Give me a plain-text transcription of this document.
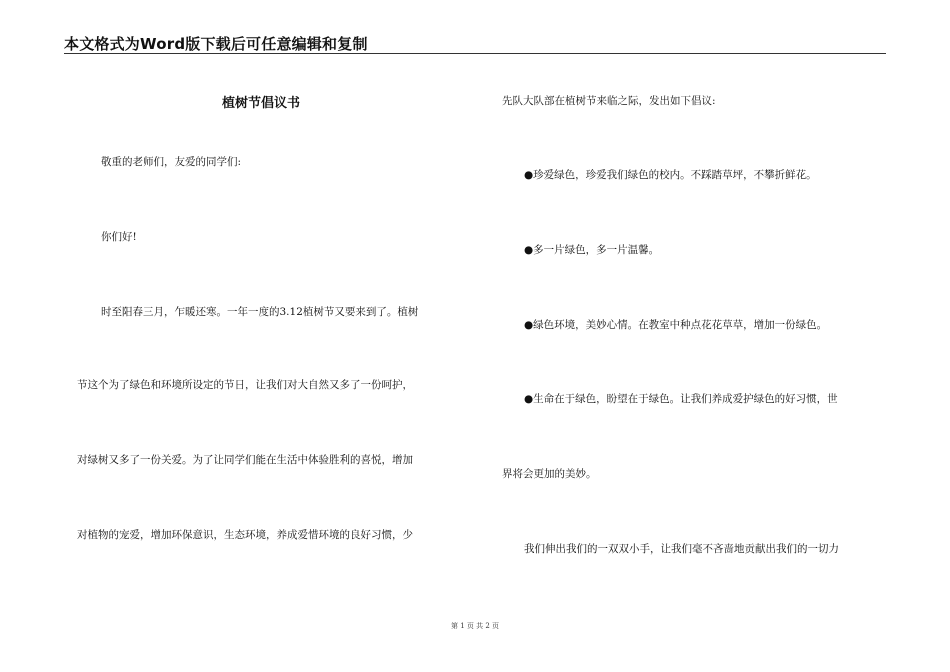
本文格式为Word版下载后可任意编辑和复制
植树节倡议书
敬重的老师们，友爱的同学们:
你们好!
时至阳春三月，乍暖还寒。一年一度的3.12植树节又要来到了。植树
节这个为了绿色和环境所设定的节日，让我们对大自然又多了一份呵护，
对绿树又多了一份关爱。为了让同学们能在生活中体验胜利的喜悦，增加
对植物的宠爱，增加环保意识，生态环境，养成爱惜环境的良好习惯，少
先队大队部在植树节来临之际，发出如下倡议:
●珍爱绿色，珍爱我们绿色的校内。不踩踏草坪，不攀折鲜花。
●多一片绿色，多一片温馨。
●绿色环境，美妙心情。在教室中种点花花草草，增加一份绿色。
●生命在于绿色，盼望在于绿色。让我们养成爱护绿色的好习惯，世
界将会更加的美妙。
我们伸出我们的一双双小手，让我们毫不吝啬地贡献出我们的一切力
第 1 页 共 2 页
